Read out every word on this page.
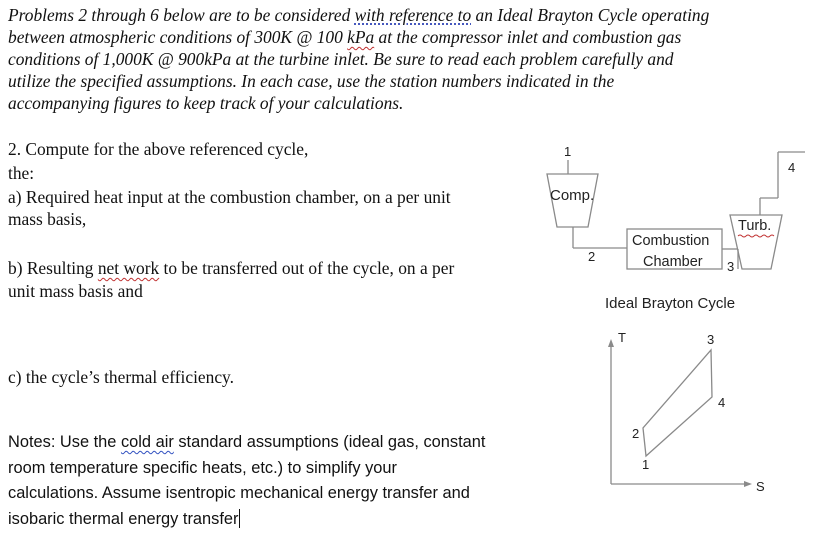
Problems 2 through 6 below are to be considered with reference to an Ideal Brayton Cycle operating
between atmospheric conditions of 300K @ 100 kPa at the compressor inlet and combustion gas
conditions of 1,000K @ 900kPa at the turbine inlet. Be sure to read each problem carefully and
utilize the specified assumptions. In each case, use the station numbers indicated in the
accompanying figures to keep track of your calculations.
2. Compute for the above referenced cycle,
the:
a) Required heat input at the combustion chamber, on a per unit
mass basis,
b) Resulting net work to be transferred out of the cycle, on a per
unit mass basis and
c) the cycle’s thermal efficiency.
Notes: Use the cold air standard assumptions (ideal gas, constant
room temperature specific heats, etc.) to simplify your
calculations. Assume isentropic mechanical energy transfer and
isobaric thermal energy transfer
Comp.
Combustion
Chamber
Turb.
1
2
3
4
Ideal Brayton Cycle
T
S
1
2
3
4
